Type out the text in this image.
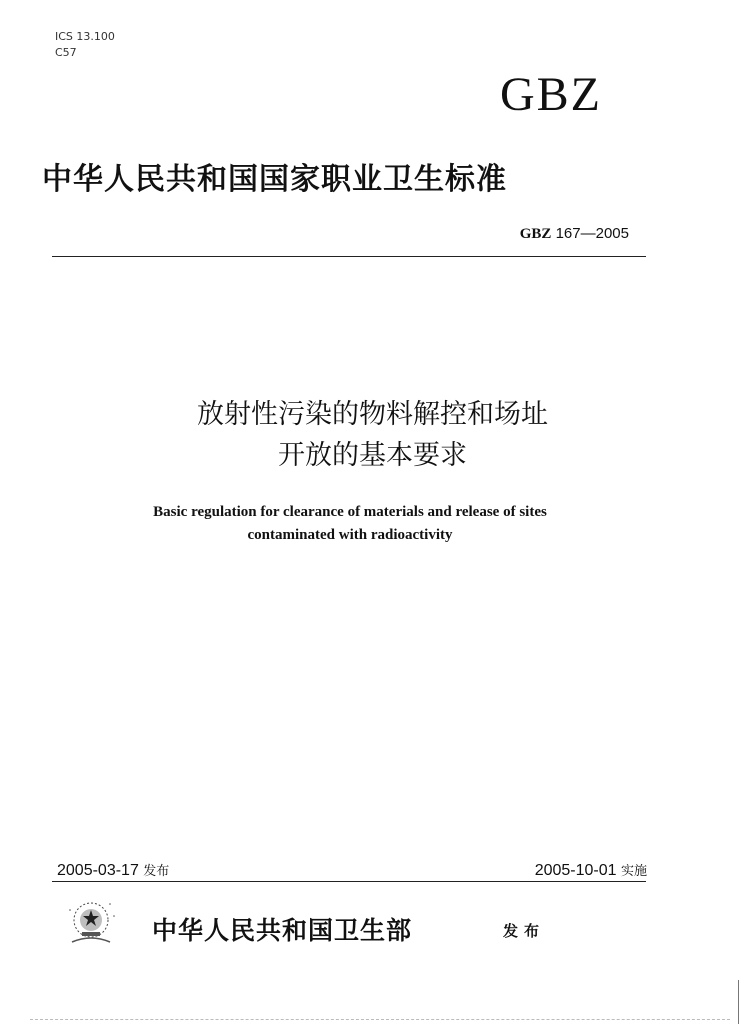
ICS 13.100
C57
GBZ
中华人民共和国国家职业卫生标准
GBZ 167—2005
放射性污染的物料解控和场址
开放的基本要求
Basic regulation for clearance of materials and release of sites
contaminated with radioactivity
2005-03-17 发布	2005-10-01 实施
中华人民共和国卫生部	发布
